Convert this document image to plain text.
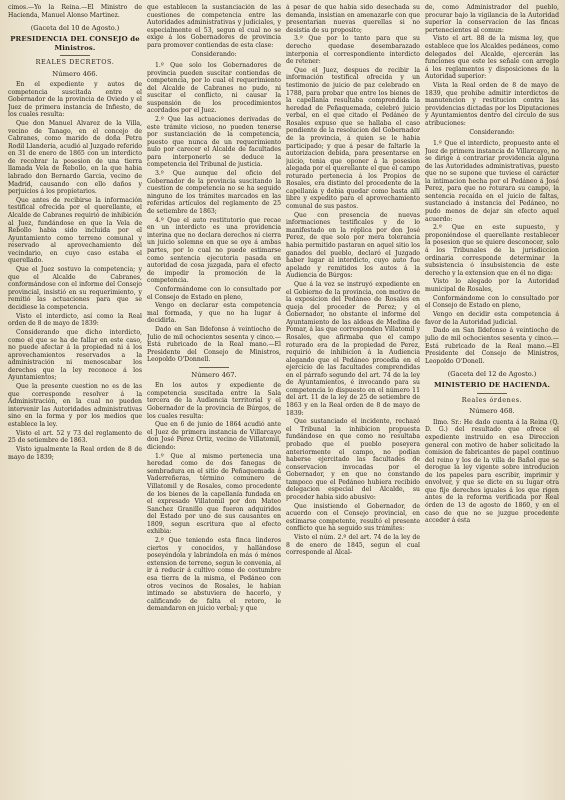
cimos.—Yo la Reina.—El Ministro de Hacienda, Manuel Alonso Martinez.

(Gaceta del 10 de Agosto.)
PRESIDENCIA DEL CONSEJO de Ministros.
REALES DECRETOS.
Número 466.

En el expediente y autos de competencia suscitada entre el Gobernador de la provincia de Oviedo y el Juez de primera instancia de Infiesto, de los cuales resulta:

Que don Manuel Alvarez de la Villa, vecino de Tanago, en el concejo de Cabranes, como marido de doña Petra Rodil Llanderia, acudió al Juzgado referido en 31 de enero de 1865 con un interdicto de recobrar la posesion de una tierra llamada Vela de Rebollo, en la que habia labrado don Bernardo Garcia, vecino de Madrid, causando con ello daños y perjuicios á los propietarios.

Que antes de recibirse la información testifical ofrecida por el querellante, el Alcalde de Cabranes requirió de inhibición al Juez, fundándose en que la Vela de Rebollo habia sido incluida por el Ayuntamiento como terreno comunal y reservado al aprovechamiento del vecindario, en cuyo caso estaba el querellado.

Que el Juez sostuvo la competencia; y que el Alcalde de Cabranes, conformándose con el informe del Consejo provincial, insistió en su requerimiento, y remitió las actuaciones para que se decidiese la competencia.

Visto el interdicto, así como la Real orden de 8 de mayo de 1839:

Considerando que dicho interdicto, como el que se ha de fallar en este caso, no puede afectar á la propiedad ni á los aprovechamientos reservados a la administración ni menoscabar los derechos que la ley reconoce á los Ayuntamientos;

Que la presente cuestion no es de las que corresponde resolver á la Administración, en la cual no pueden intervenir las Autoridades administrativas sino en la forma y por los medios que establece la ley.

Visto el art. 52 y 73 del reglamento de 25 de setiembre de 1863.

Visto igualmente la Real orden de 8 de mayo de 1839;

que establecen la sustanciación de las cuestiones de competencia entre las Autoridades administrativas y judiciales, y especialmente el 53, segun el cual no se exige á los Gobernadores de provincia para promover contiendas de esta clase:

Considerando:

1.º Que solo los Gobernadores de provincia pueden suscitar contiendas de competencia, por lo cual el requerimiento del Alcalde de Cabranes no pudo, ni suscitar el conflicto, ni causar la suspensión de los procedimientos acordados por el Juez.

2.º Que las actuaciones derivadas de este trámite vicioso, no pueden tenerse por sustanciación de la competencia, puesto que nunca de un requerimiento nulo por carecer el Alcalde de facultades para interponerlo se deduce la competencia del Tribunal de justicia.

3.º Que aunque del oficio del Gobernador de la provincia suscitando la cuestion de competencia no se ha seguido ninguno de los trámites marcados en las referidas artículos del reglamento de 25 de setiembre de 1863;

4.º Que el auto restitutorio que recae en un interdicto es una providencia interina que no declara derechos ni cierra un juicio solemne en que se oye á ambas partes, por lo cual no puede estimarse como sentencia ejecutoria pasada en autoridad de cosa juzgada, para el efecto de impedir la promoción de la competencia.

Conformándome con lo consultado por el Consejo de Estado en pleno,

Vengo en declarar esta competencia mal formada, y que no ha lugar á decidirla.

Dado en San Ildefonso á veintiocho de Julio de mil ochocientos sesenta y cinco.—Está rubricado de la Real mano.—El Presidente del Consejo de Ministros, Leopoldo O'Donnell.

Número 467.

En los autos y expediente de competencia suscitada entre la Sala tercera de la Audiencia territorial y el Gobernador de la provincia de Búrgos, de los cuales resulta:

Que en 6 de junio de 1864 acudió ante el Juez de primera instancia de Villarcayo don José Perez Ortiz, vecino de Villatomil, diciendo:

1.º Que al mismo pertenecia una heredad como de dos fanegas de sembradura en el sitio de Peñaquemada á Vaderreñeras, término comunero de Villatomil y de Rosales, como procedente de los bienes de la capellanía fundada en el expresado Villatomil por don Mateo Sanchez Granillo que fueron adquiridos del Estado por uno de sus causantes en 1809, segun escritura que al efecto exhibia:

2.º Que teniendo esta finca linderos ciertos y conocidos, y hallándose poseyéndola y labrándola en más ó ménos extension de terreno, segun le convenia, al ir á reducir á cultivo como de costumbre esa tierra de la misma, el Pedáneo con otros vecinos de Rosales, le habian intimado se abstuviera de hacerlo, y calificando de falta el retoro, le demandaron en juicio verbal; y que

á pesar de que habia sido desechada su demanda, insistian en amenazarle con que presentarian nuevas querellas si no desistia de su proposito;

3.º Que por lo tanto para que su derecho quedase desembarazado interponia el correspondiente interdicto de retener:

Que el Juez, despues de recibir la información testifical ofrecida y un testimonio de juicio de paz celebrado en 1788, para probar que entre los bienes de la capellanía resultaba comprendida la heredad de Peñaquemada, celebró juicio verbal, en el que citado el Pedáneo de Rosales expuso que se hallaba el caso pendiente de la resolucion del Gobernador de la provincia, á quien se le habia participado; y que á pesar de faltarle la autorizacion debida, para presentarse en juicio, tenia que oponer á la posesion alegada por el querellante el que el campo roturado pertenecia á los Propios de Rosales, era distinto del procedente de la capellanía y debia quedar como basta allí libre y expedito para el aprovechamiento comunal de sus pastos.

Que con presencia de nuevas informaciones testificales y de lo manifestado en la réplica por don José Perez, de que solo por mera tolerancia habia permitido pastaran en aquel sitio los ganados del pueblo, declaró el Juzgado haber lugar al interdicto, cuyo auto fue apelado y remitidos los autos á la Audiencia de Búrgos:

Que á la vez se instruyó expediente en el Gobierno de la provincia, con motivo de la exposicion del Pedáneo de Rosales en queja del proceder de Perez; y el Gobernador, no obstante el informe del Ayuntamiento de las aldeas de Medina de Pomar, á las que corresponden Villatomil y Rosales, que afirmaba que el campo roturado era de la propiedad de Perez, requirió de inhibicion á la Audiencia alegando que el Pedáneo procedia en el ejercicio de las facultades comprendidas en el párrafo segundo del art. 74 de la ley de Ayuntamientos, é invocando para su competencia lo dispuesto en el número 11 del art. 11 de la ley de 25 de setiembre de 1863 y en la Real orden de 8 de mayo de 1839:

Que sustanciado el incidente, rechazó el Tribunal la inhibicion propuesta fundándose en que como no resultaba probado que el pueblo poseyera anteriormente el campo, no podian haberse ejercitado las facultades de conservacion invocadas por el Gobernador, y en que no constando tampoco que el Pedáneo hubiera recibido delegacion especial del Alcalde, su proceder habia sido abusivo:

Que insistiendo el Gobernador, de acuerdo con el Consejo provincial, en estimarse competente, resultó el presente conflicto que ha seguido sus trámites:

Visto el núm. 2.º del art. 74 de la ley de 8 de enero de 1845, segun el cual corresponde al Alcal-

de, como Administrador del pueblo, procurar bajo la vigilancia de la Autoridad superior la conservacion de las fincas pertenecientes al comun:

Visto el art. 88 de la misma ley, que establece que los Alcaldes pedáneos, como delegados del Alcalde, ejercerán las funciones que este les señale con arreglo á los reglamentos y disposiciones de la Autoridad superior:

Vista la Real orden de 8 de mayo de 1839, que prohibe admitir interdictos de manutencion y restitucion contra las providencias dictadas por los Diputaciones y Ayuntamientos dentro del círculo de sus atribuciones:

Considerando:

1.º Que el interdicto, propuesto ante el Juez de primera instancia de Villarcayo, no se dirige á contrariar providencia alguna de las Autoridades administrativas, puesto que no se supone que tuviese el carácter la intimacion hecha por el Pedáneo á José Perez, para que no roturara su campo, la sentencia recaída en el juicio de faltas, sustanciado á instancia del Pedáneo, no pudo menos de dejar sin efecto aquel acuerdo:

2.º Que en este supuesto, y proponiéndose el querellante restablecer la posesion que se quiere desconocer, solo á los Tribunales de la jurisdiccion ordinaria corresponde determinar la subsistencia ó insubsistencia de este derecho y la extension que en él no diga:

Visto lo alegado por la Autoridad municipal de Rosales,

Conformándome con lo consultado por el Consejo de Estado en pleno,

Vengo en decidir esta competencia á favor de la Autoridad judicial.

Dado en San Ildefonso á veintiocho de julio de mil ochocientos sesenta y cinco.—Está rubricado de la Real mano.—El Presidente del Consejo de Ministros, Leopoldo O'Donell.

(Gaceta del 12 de Agosto.)
MINISTERIO DE HACIENDA.
Reales órdenes.
Número 468.

Ilmo. Sr.: He dado cuenta á la Reina (Q. D. G.) del resultado que ofrece el expediente instruido en esa Direccion general con motivo de haber solicitado la comision de fabricantes de papel continuo del reino y los de la villa de Bañol que se derogue la ley vigente sobre introducion de los papeles para escribir, imprimir y envolver, y que se dicte en su lugar otra que fije derechos iguales á los que rigen antes de la reforma verificada por Real órden de 13 de agosto de 1860, y en el caso de que no se juzgue procedente acceder á esta
